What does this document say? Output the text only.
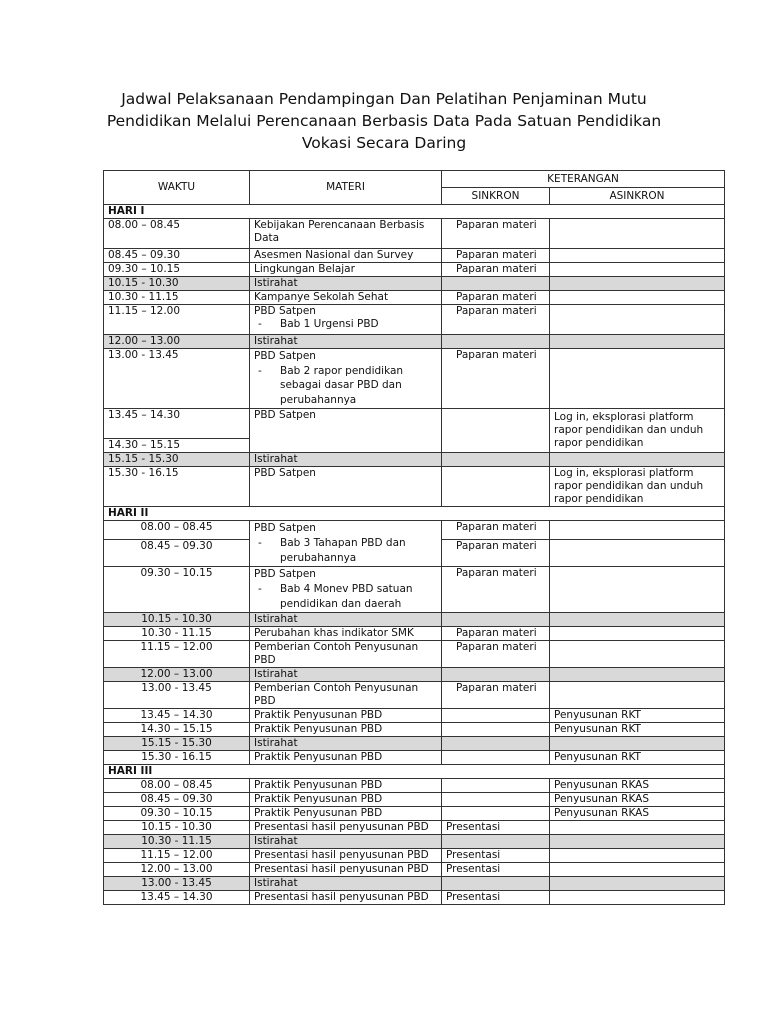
Jadwal Pelaksanaan Pendampingan Dan Pelatihan Penjaminan Mutu
Pendidikan Melalui Perencanaan Berbasis Data Pada Satuan Pendidikan
Vokasi Secara Daring
WAKTU	MATERI	KETERANGAN	
		SINKRON	ASINKRON
HARI I			
08.00 – 08.45	Kebijakan Perencanaan Berbasis Data	Paparan materi	
08.45 – 09.30	Asesmen Nasional dan Survey	Paparan materi	
09.30 – 10.15	Lingkungan Belajar	Paparan materi	
10.15 - 10.30	Istirahat		
10.30 - 11.15	Kampanye Sekolah Sehat	Paparan materi	
11.15 – 12.00	PBD Satpen
- Bab 1 Urgensi PBD	Paparan materi	
12.00 – 13.00	Istirahat		
13.00 - 13.45	PBD Satpen
- Bab 2 rapor pendidikan sebagai dasar PBD dan perubahannya	Paparan materi	
13.45 – 14.30	PBD Satpen		Log in, eksplorasi platform rapor pendidikan dan unduh rapor pendidikan
14.30 – 15.15			
15.15 - 15.30	Istirahat		
15.30 - 16.15	PBD Satpen		Log in, eksplorasi platform rapor pendidikan dan unduh rapor pendidikan
HARI II			
08.00 – 08.45	PBD Satpen
- Bab 3 Tahapan PBD dan perubahannya	Paparan materi	
08.45 – 09.30		Paparan materi	
09.30 – 10.15	PBD Satpen
- Bab 4 Monev PBD satuan pendidikan dan daerah	Paparan materi	
10.15 - 10.30	Istirahat		
10.30 - 11.15	Perubahan khas indikator SMK	Paparan materi	
11.15 – 12.00	Pemberian Contoh Penyusunan PBD	Paparan materi	
12.00 – 13.00	Istirahat		
13.00 - 13.45	Pemberian Contoh Penyusunan PBD	Paparan materi	
13.45 – 14.30	Praktik Penyusunan PBD		Penyusunan RKT
14.30 – 15.15	Praktik Penyusunan PBD		Penyusunan RKT
15.15 - 15.30	Istirahat		
15.30 - 16.15	Praktik Penyusunan PBD		Penyusunan RKT
HARI III			
08.00 – 08.45	Praktik Penyusunan PBD		Penyusunan RKAS
08.45 – 09.30	Praktik Penyusunan PBD		Penyusunan RKAS
09.30 – 10.15	Praktik Penyusunan PBD		Penyusunan RKAS
10.15 - 10.30	Presentasi hasil penyusunan PBD	Presentasi	
10.30 - 11.15	Istirahat		
11.15 – 12.00	Presentasi hasil penyusunan PBD	Presentasi	
12.00 – 13.00	Presentasi hasil penyusunan PBD	Presentasi	
13.00 - 13.45	Istirahat		
13.45 – 14.30	Presentasi hasil penyusunan PBD	Presentasi	
